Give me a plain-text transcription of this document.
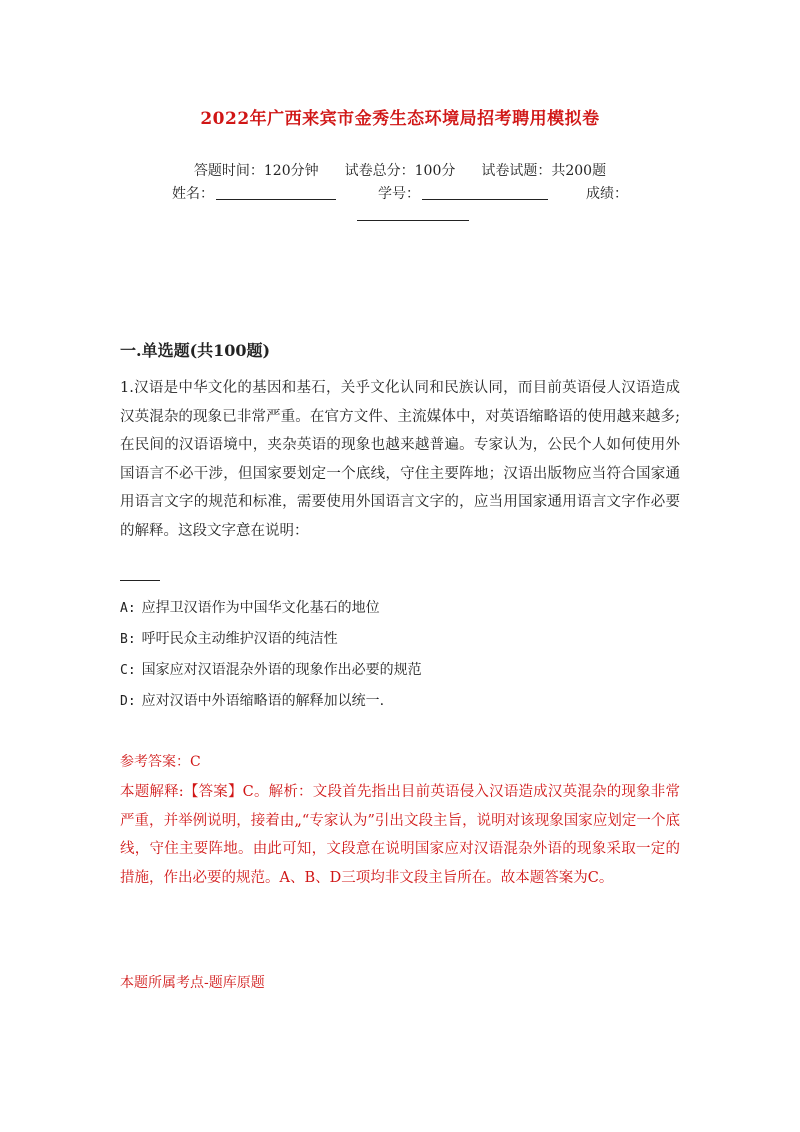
2022年广西来宾市金秀生态环境局招考聘用模拟卷
答题时间：120分钟 试卷总分：100分 试卷试题：共200题
姓名：	学号：	成绩：
一.单选题(共100题)
1.汉语是中华文化的基因和基石，关乎文化认同和民族认同，而目前英语侵人汉语造成汉英混杂的现象已非常严重。在官方文件、主流媒体中，对英语缩略语的使用越来越多;在民间的汉语语境中，夹杂英语的现象也越来越普遍。专家认为，公民个人如何使用外国语言不必干涉，但国家要划定一个底线，守住主要阵地；汉语出版物应当符合国家通用语言文字的规范和标准，需要使用外国语言文字的，应当用国家通用语言文字作必要的解释。这段文字意在说明：
A: 应捍卫汉语作为中国华文化基石的地位
B: 呼吁民众主动维护汉语的纯洁性
C: 国家应对汉语混杂外语的现象作出必要的规范
D: 应对汉语中外语缩略语的解释加以统一.
参考答案：C
本题解释:【答案】C。解析：文段首先指出目前英语侵入汉语造成汉英混杂的现象非常严重，并举例说明，接着由„“专家认为”引出文段主旨，说明对该现象国家应划定一个底线，守住主要阵地。由此可知，文段意在说明国家应对汉语混杂外语的现象采取一定的措施，作出必要的规范。A、B、D三项均非文段主旨所在。故本题答案为C。
本题所属考点-题库原题
